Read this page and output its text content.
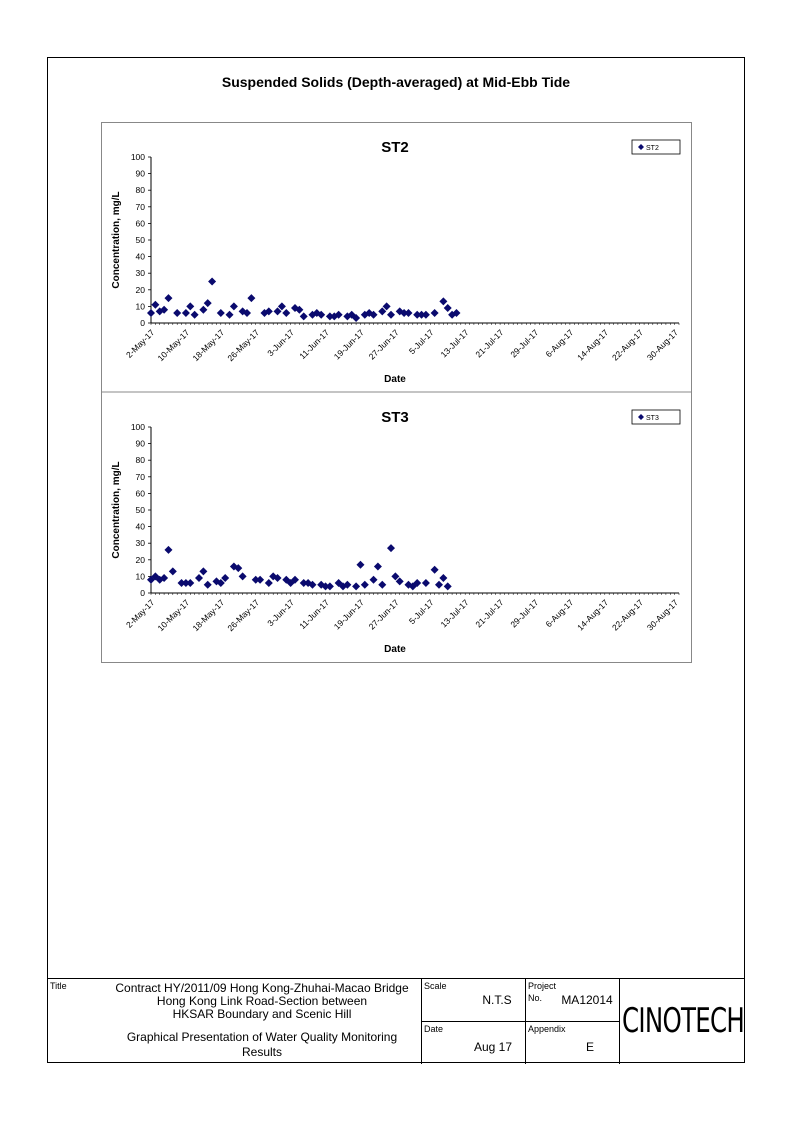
Suspended Solids (Depth-averaged) at Mid-Ebb Tide
ST2	ST2
0
10
20
30
40
50
60
70
80
90
100
Concentration, mg/L
2-May-17 10-May-17 18-May-17 26-May-17 3-Jun-17 11-Jun-17 19-Jun-17 27-Jun-17 5-Jul-17 13-Jul-17 21-Jul-17 29-Jul-17 6-Aug-17 14-Aug-17 22-Aug-17 30-Aug-17
Date
ST3	ST3
0
10
20
30
40
50
60
70
80
90
100
Concentration, mg/L
2-May-17 10-May-17 18-May-17 26-May-17 3-Jun-17 11-Jun-17 19-Jun-17 27-Jun-17 5-Jul-17 13-Jul-17 21-Jul-17 29-Jul-17 6-Aug-17 14-Aug-17 22-Aug-17 30-Aug-17
Date
Title	Contract HY/2011/09 Hong Kong-Zhuhai-Macao Bridge
Hong Kong Link Road-Section between
HKSAR Boundary and Scenic Hill
Graphical Presentation of Water Quality Monitoring
Results
Scale
N.T.S
Date
Aug 17
Project
No.	MA12014
Appendix
E
CINOTECH
